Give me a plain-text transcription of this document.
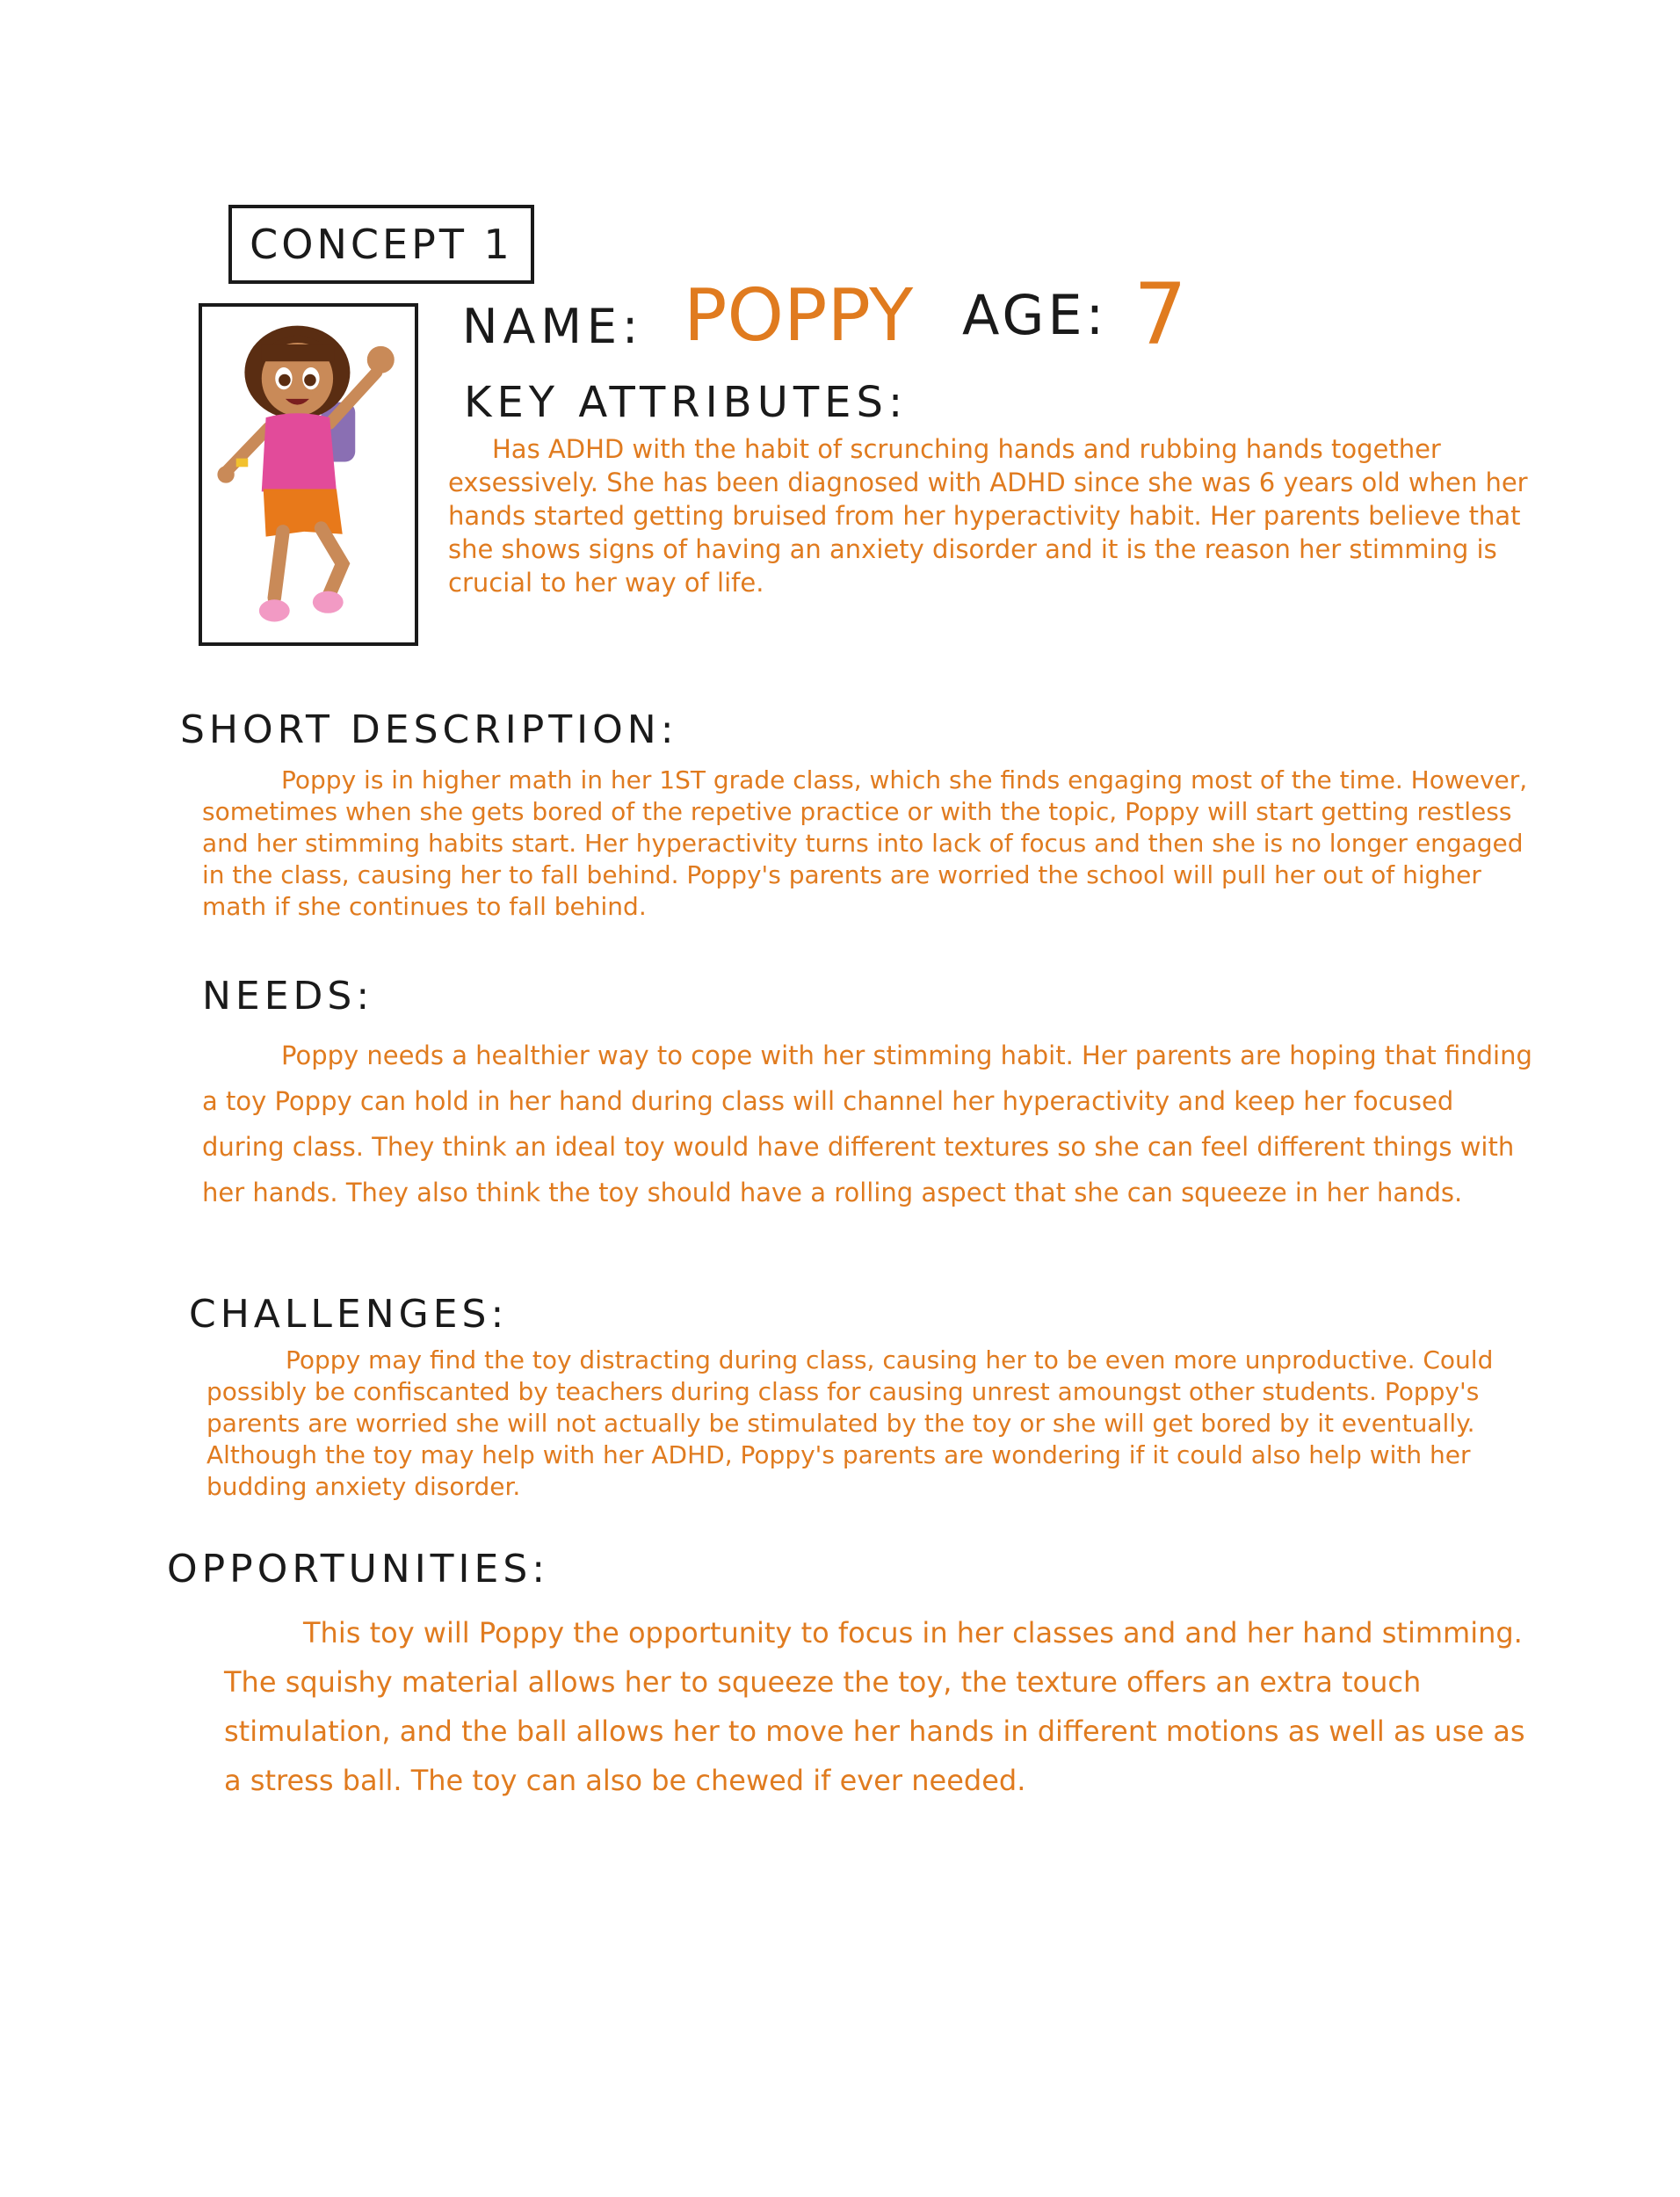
CONCEPT 1
NAME: POPPY AGE: 7
KEY ATTRIBUTES:

Has ADHD with the habit of scrunching hands and rubbing hands together exsessively. She has been diagnosed with ADHD since she was 6 years old when her hands started getting bruised from her hyperactivity habit. Her parents believe that she shows signs of having an anxiety disorder and it is the reason her stimming is crucial to her way of life.

SHORT DESCRIPTION:

Poppy is in higher math in her 1ST grade class, which she finds engaging most of the time. However, sometimes when she gets bored of the repetive practice or with the topic, Poppy will start getting restless and her stimming habits start. Her hyperactivity turns into lack of focus and then she is no longer engaged in the class, causing her to fall behind. Poppy's parents are worried the school will pull her out of higher math if she continues to fall behind.

NEEDS:

Poppy needs a healthier way to cope with her stimming habit. Her parents are hoping that finding a toy Poppy can hold in her hand during class will channel her hyperactivity and keep her focused during class. They think an ideal toy would have different textures so she can feel different things with her hands. They also think the toy should have a rolling aspect that she can squeeze in her hands.

CHALLENGES:

Poppy may find the toy distracting during class, causing her to be even more unproductive. Could possibly be confiscanted by teachers during class for causing unrest amoungst other students. Poppy's parents are worried she will not actually be stimulated by the toy or she will get bored by it eventually. Although the toy may help with her ADHD, Poppy's parents are wondering if it could also help with her budding anxiety disorder.

OPPORTUNITIES:

This toy will Poppy the opportunity to focus in her classes and and her hand stimming. The squishy material allows her to squeeze the toy, the texture offers an extra touch stimulation, and the ball allows her to move her hands in different motions as well as use as a stress ball. The toy can also be chewed if ever needed.
